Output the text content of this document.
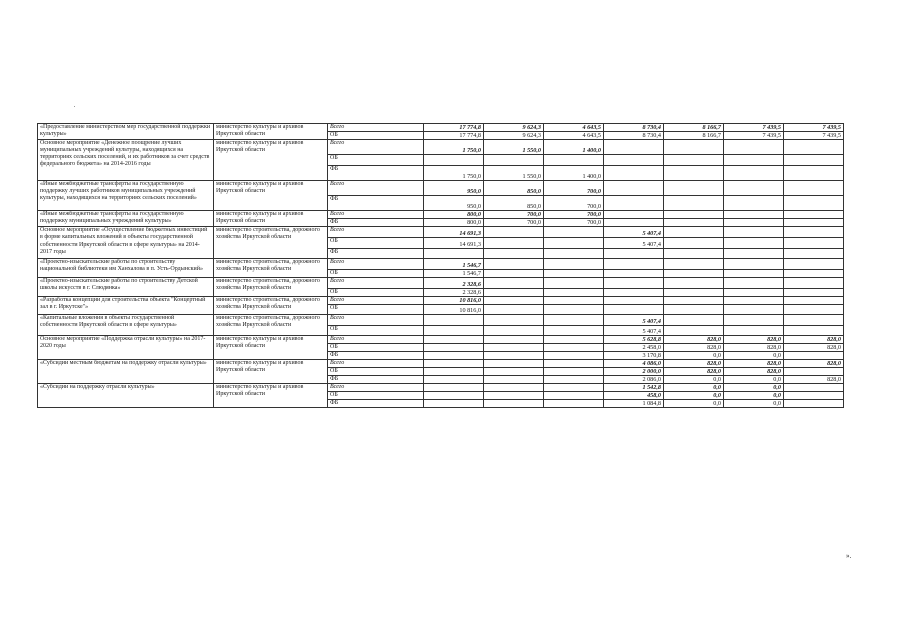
«Предоставление министерством мер государственной поддержки культуры»	министерство культуры и архивов Иркутской области	Всего	17 774,8	9 624,3	4 643,5	8 730,4	8 166,7	7 439,5	7 439,5
		ОБ	17 774,8	9 624,3	4 643,5	8 730,4	8 166,7	7 439,5	7 439,5
Основное мероприятие «Денежное поощрение лучших муниципальных учреждений культуры, находящихся на территориях сельских поселений, и их работников за счет средств федерального бюджета» на 2014-2016 годы	министерство культуры и архивов Иркутской области	Всего	1 750,0	1 550,0	1 400,0				
		ОБ							
		ФБ	1 750,0	1 550,0	1 400,0				
«Иные межбюджетные трансферты на государственную поддержку лучших работников муниципальных учреждений культуры, находящихся на территориях сельских поселений»	министерство культуры и архивов Иркутской области	Всего	950,0	850,0	700,0				
		ФБ	950,0	850,0	700,0				
«Иные межбюджетные трансферты на государственную поддержку муниципальных учреждений культуры»	министерство культуры и архивов Иркутской области	Всего	800,0	700,0	700,0				
		ФБ	800,0	700,0	700,0				
Основное мероприятие «Осуществление бюджетных инвестиций в форме капитальных вложений в объекты государственной собственности Иркутской области в сфере культуры» на 2014-2017 годы	министерство строительства, дорожного хозяйства Иркутской области	Всего	14 691,3			5 407,4			
		ОБ	14 691,3			5 407,4			
		ФБ							
«Проектно-изыскательские работы по строительству национальной библиотеки им Ханхалова в п. Усть-Ордынский»	министерство строительства, дорожного хозяйства Иркутской области	Всего	1 546,7						
		ОБ	1 546,7						
«Проектно-изыскательские работы по строительству Детской школы искусств в г. Слюдянка»	министерство строительства, дорожного хозяйства Иркутской области	Всего	2 328,6						
		ОБ	2 328,6						
«Разработка концепции для строительства объекта "Концертный зал в г. Иркутске"»	министерство строительства, дорожного хозяйства Иркутской области	Всего	10 816,0						
		ОБ	10 816,0						
«Капитальные вложения в объекты государственной собственности Иркутской области в сфере культуры»	министерство строительства, дорожного хозяйства Иркутской области	Всего				5 407,4			
		ОБ				5 407,4			
Основное мероприятие «Поддержка отрасли культуры» на 2017-2020 годы	министерство культуры и архивов Иркутской области	Всего				5 628,8	828,0	828,0	828,0
		ОБ				2 458,0	828,0	828,0	828,0
		ФБ				3 170,8	0,0	0,0	
«Субсидии местным бюджетам на поддержку отрасли культуры»	министерство культуры и архивов Иркутской области	Всего				4 086,0	828,0	828,0	828,0
		ОБ				2 000,0	828,0	828,0	
		ФБ				2 086,0	0,0	0,0	828,0
«Субсидии на поддержку отрасли культуры»	министерство культуры и архивов Иркутской области	Всего				1 542,8	0,0	0,0	
		ОБ				458,0	0,0	0,0	
		ФБ				1 084,8	0,0	0,0	
».
